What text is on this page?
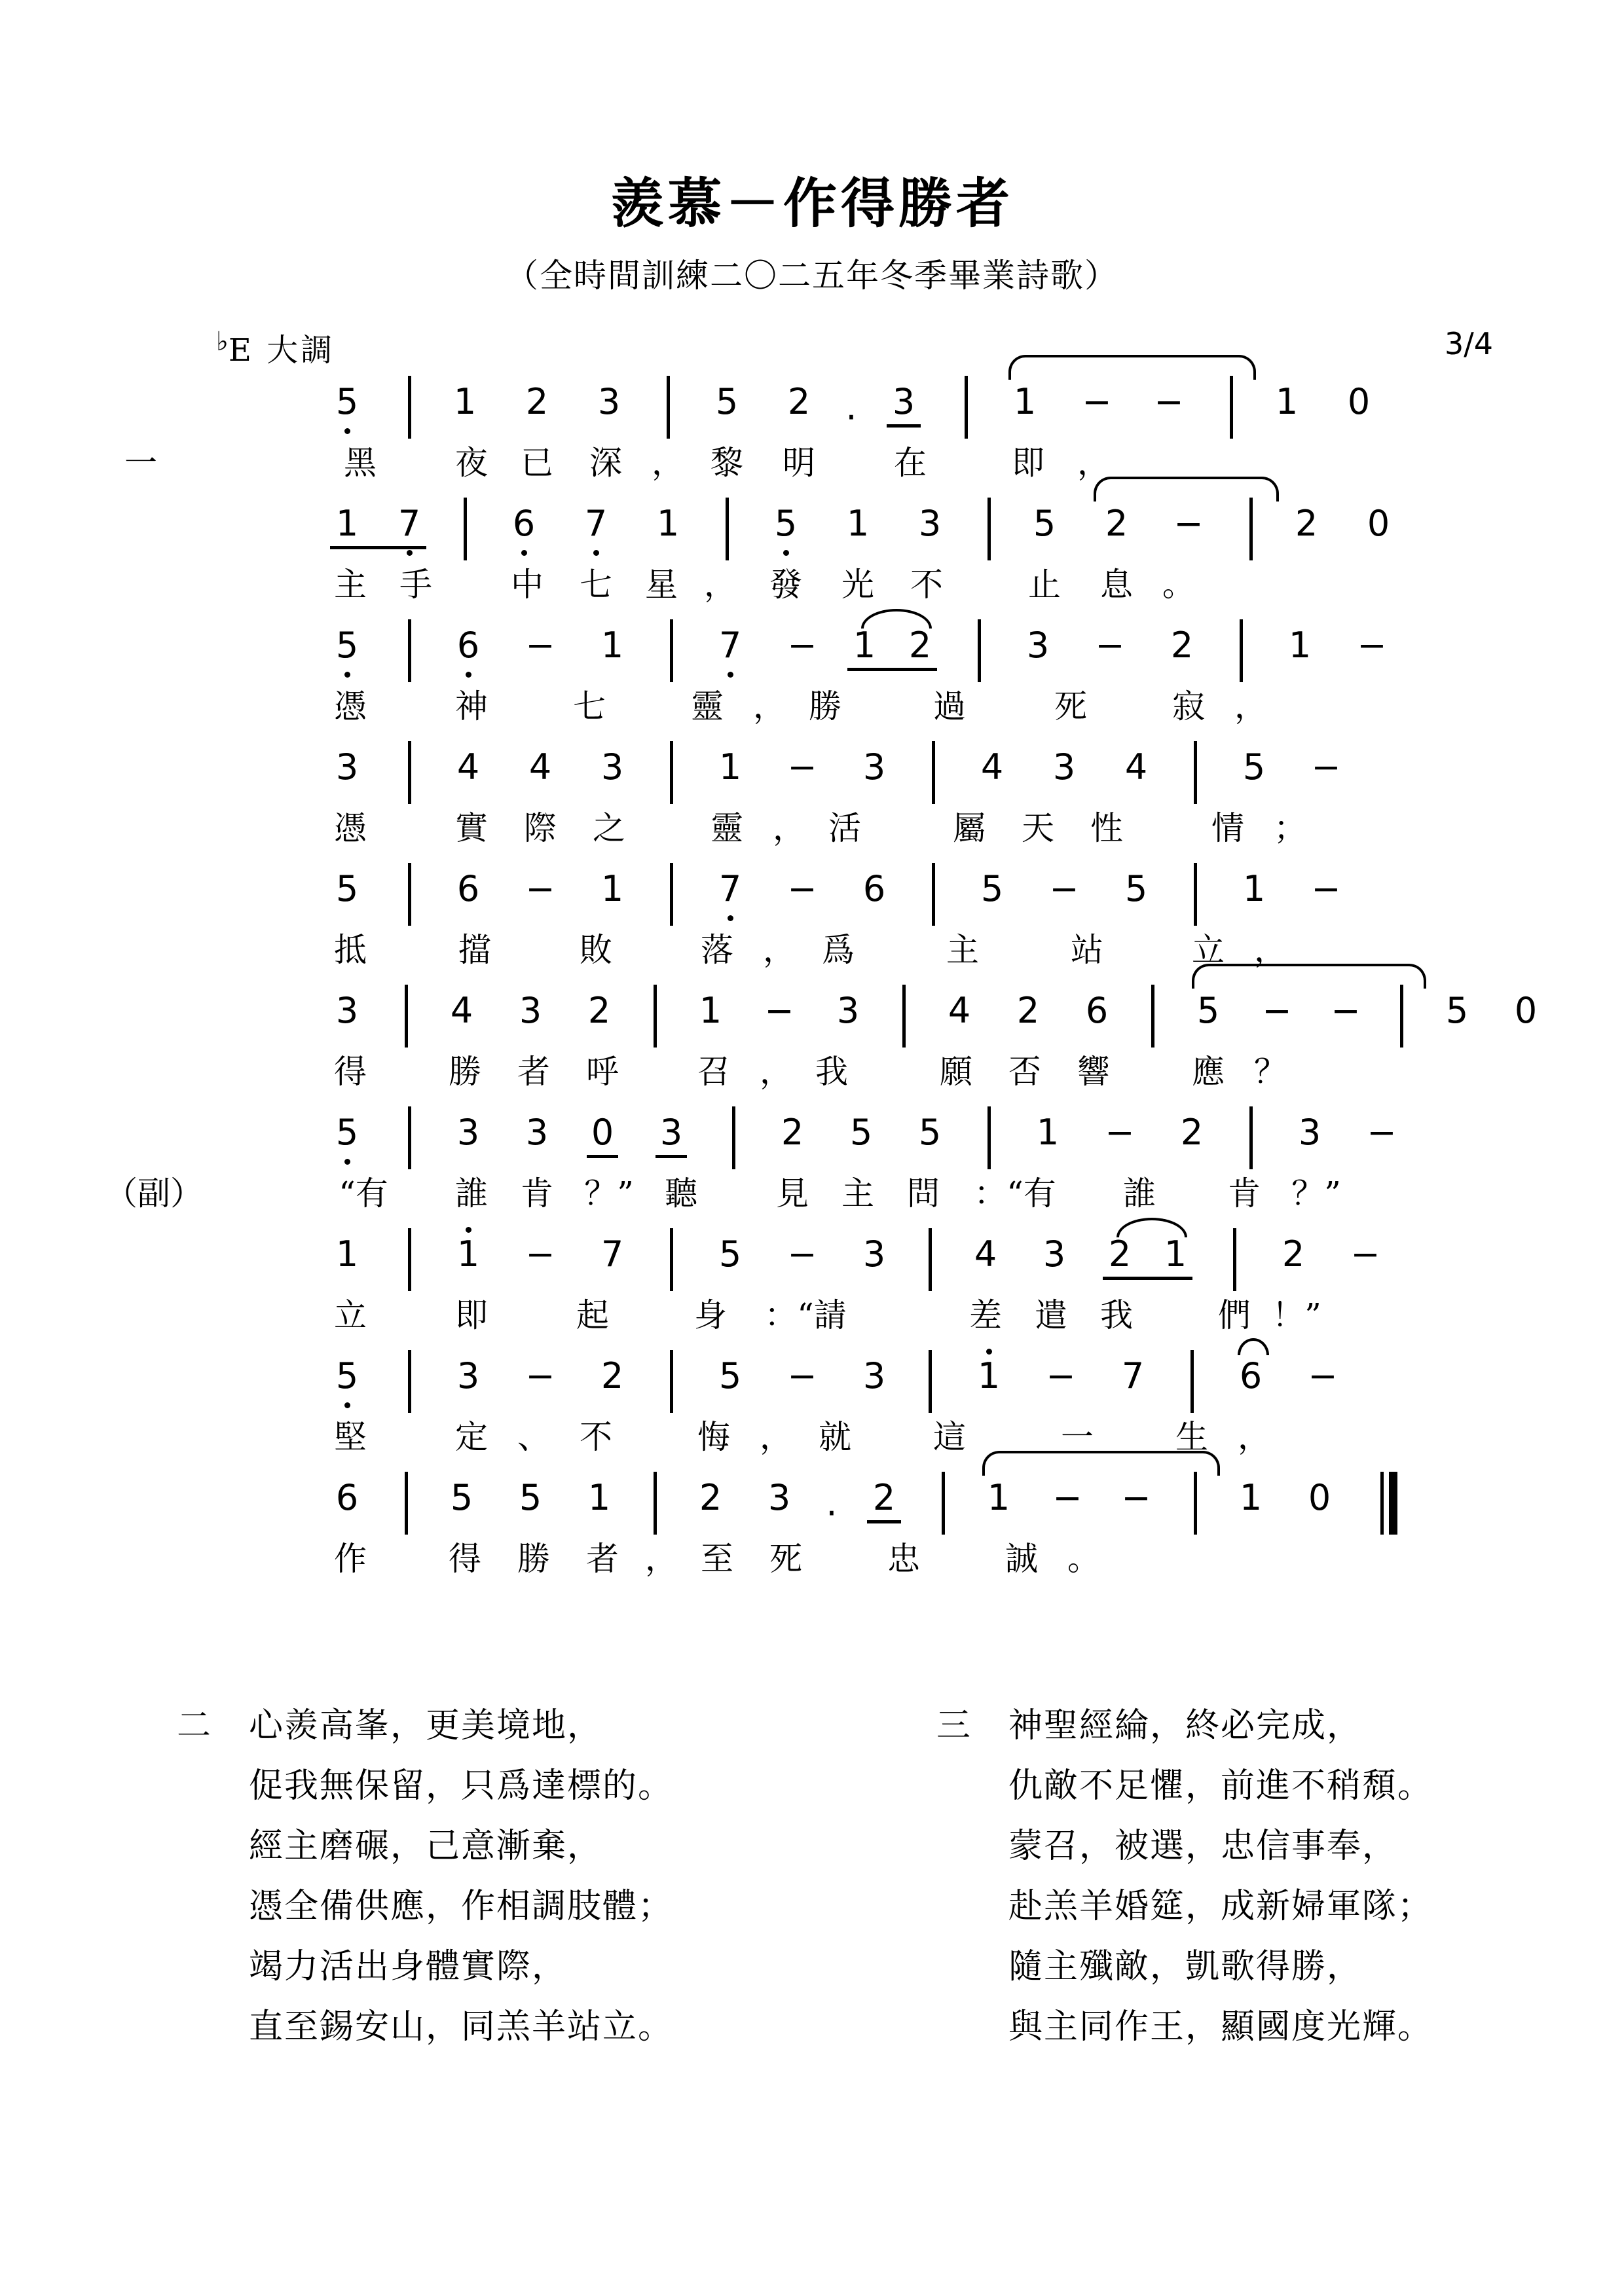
羨慕－作得勝者
（全時間訓練二〇二五年冬季畢業詩歌）
♭E 大調	3/4
5	1 2 3	5 2 · 3	1 − −	1 0
一	黑 夜 已 深 ， 黎 明 在	即 ，
1 7	6 7 1	5 1 3	5 2 −	2 0
主 手 中 七 星 ， 發 光 不	止 息 。
5	6 − 1	7 − 1 2	3 − 2	1 −
憑	神	七	靈 ， 勝	過	死	寂 ，
3	4 4 3	1 − 3	4 3 4	5 −
憑	實 際 之	靈 ， 活	屬 天 性	情 ；
5	6 − 1	7 − 6	5 − 5	1 −
抵	擋	敗	落 ， 爲	主	站	立 ，
3	4 3 2	1 − 3	4 2 6	5 − − 5 0
得	勝 者 呼 召 ， 我	願 否 響	應 ？
5	3 3 0 3	2 5 5	1 − 2	3 −
（副）	“有	誰 肯 ？” 聽 見 主 問	：“有	誰 肯 ？”
1	1 − 7	5 − 3	4 3 2 1	2 −
立	即	起	身	：“請	差 遣 我	們 ！”
5	3 − 2	5 − 3	1 − 7	6 −
堅	定 、 不	悔 ， 就	這	一	生 ，
6	5 5 1	2 3 · 2	1 − −	1 0
作	得 勝 者 ， 至 死	忠	誠 。
二 心羨高峯，更美境地，
促我無保留，只爲達標的。
經主磨碾，己意漸棄，
憑全備供應，作相調肢體；
竭力活出身體實際，
直至錫安山，同羔羊站立。
三 神聖經綸，終必完成，
仇敵不足懼，前進不稍頹。
蒙召，被選，忠信事奉，
赴羔羊婚筵，成新婦軍隊；
隨主殲敵，凱歌得勝，
與主同作王，顯國度光輝。
